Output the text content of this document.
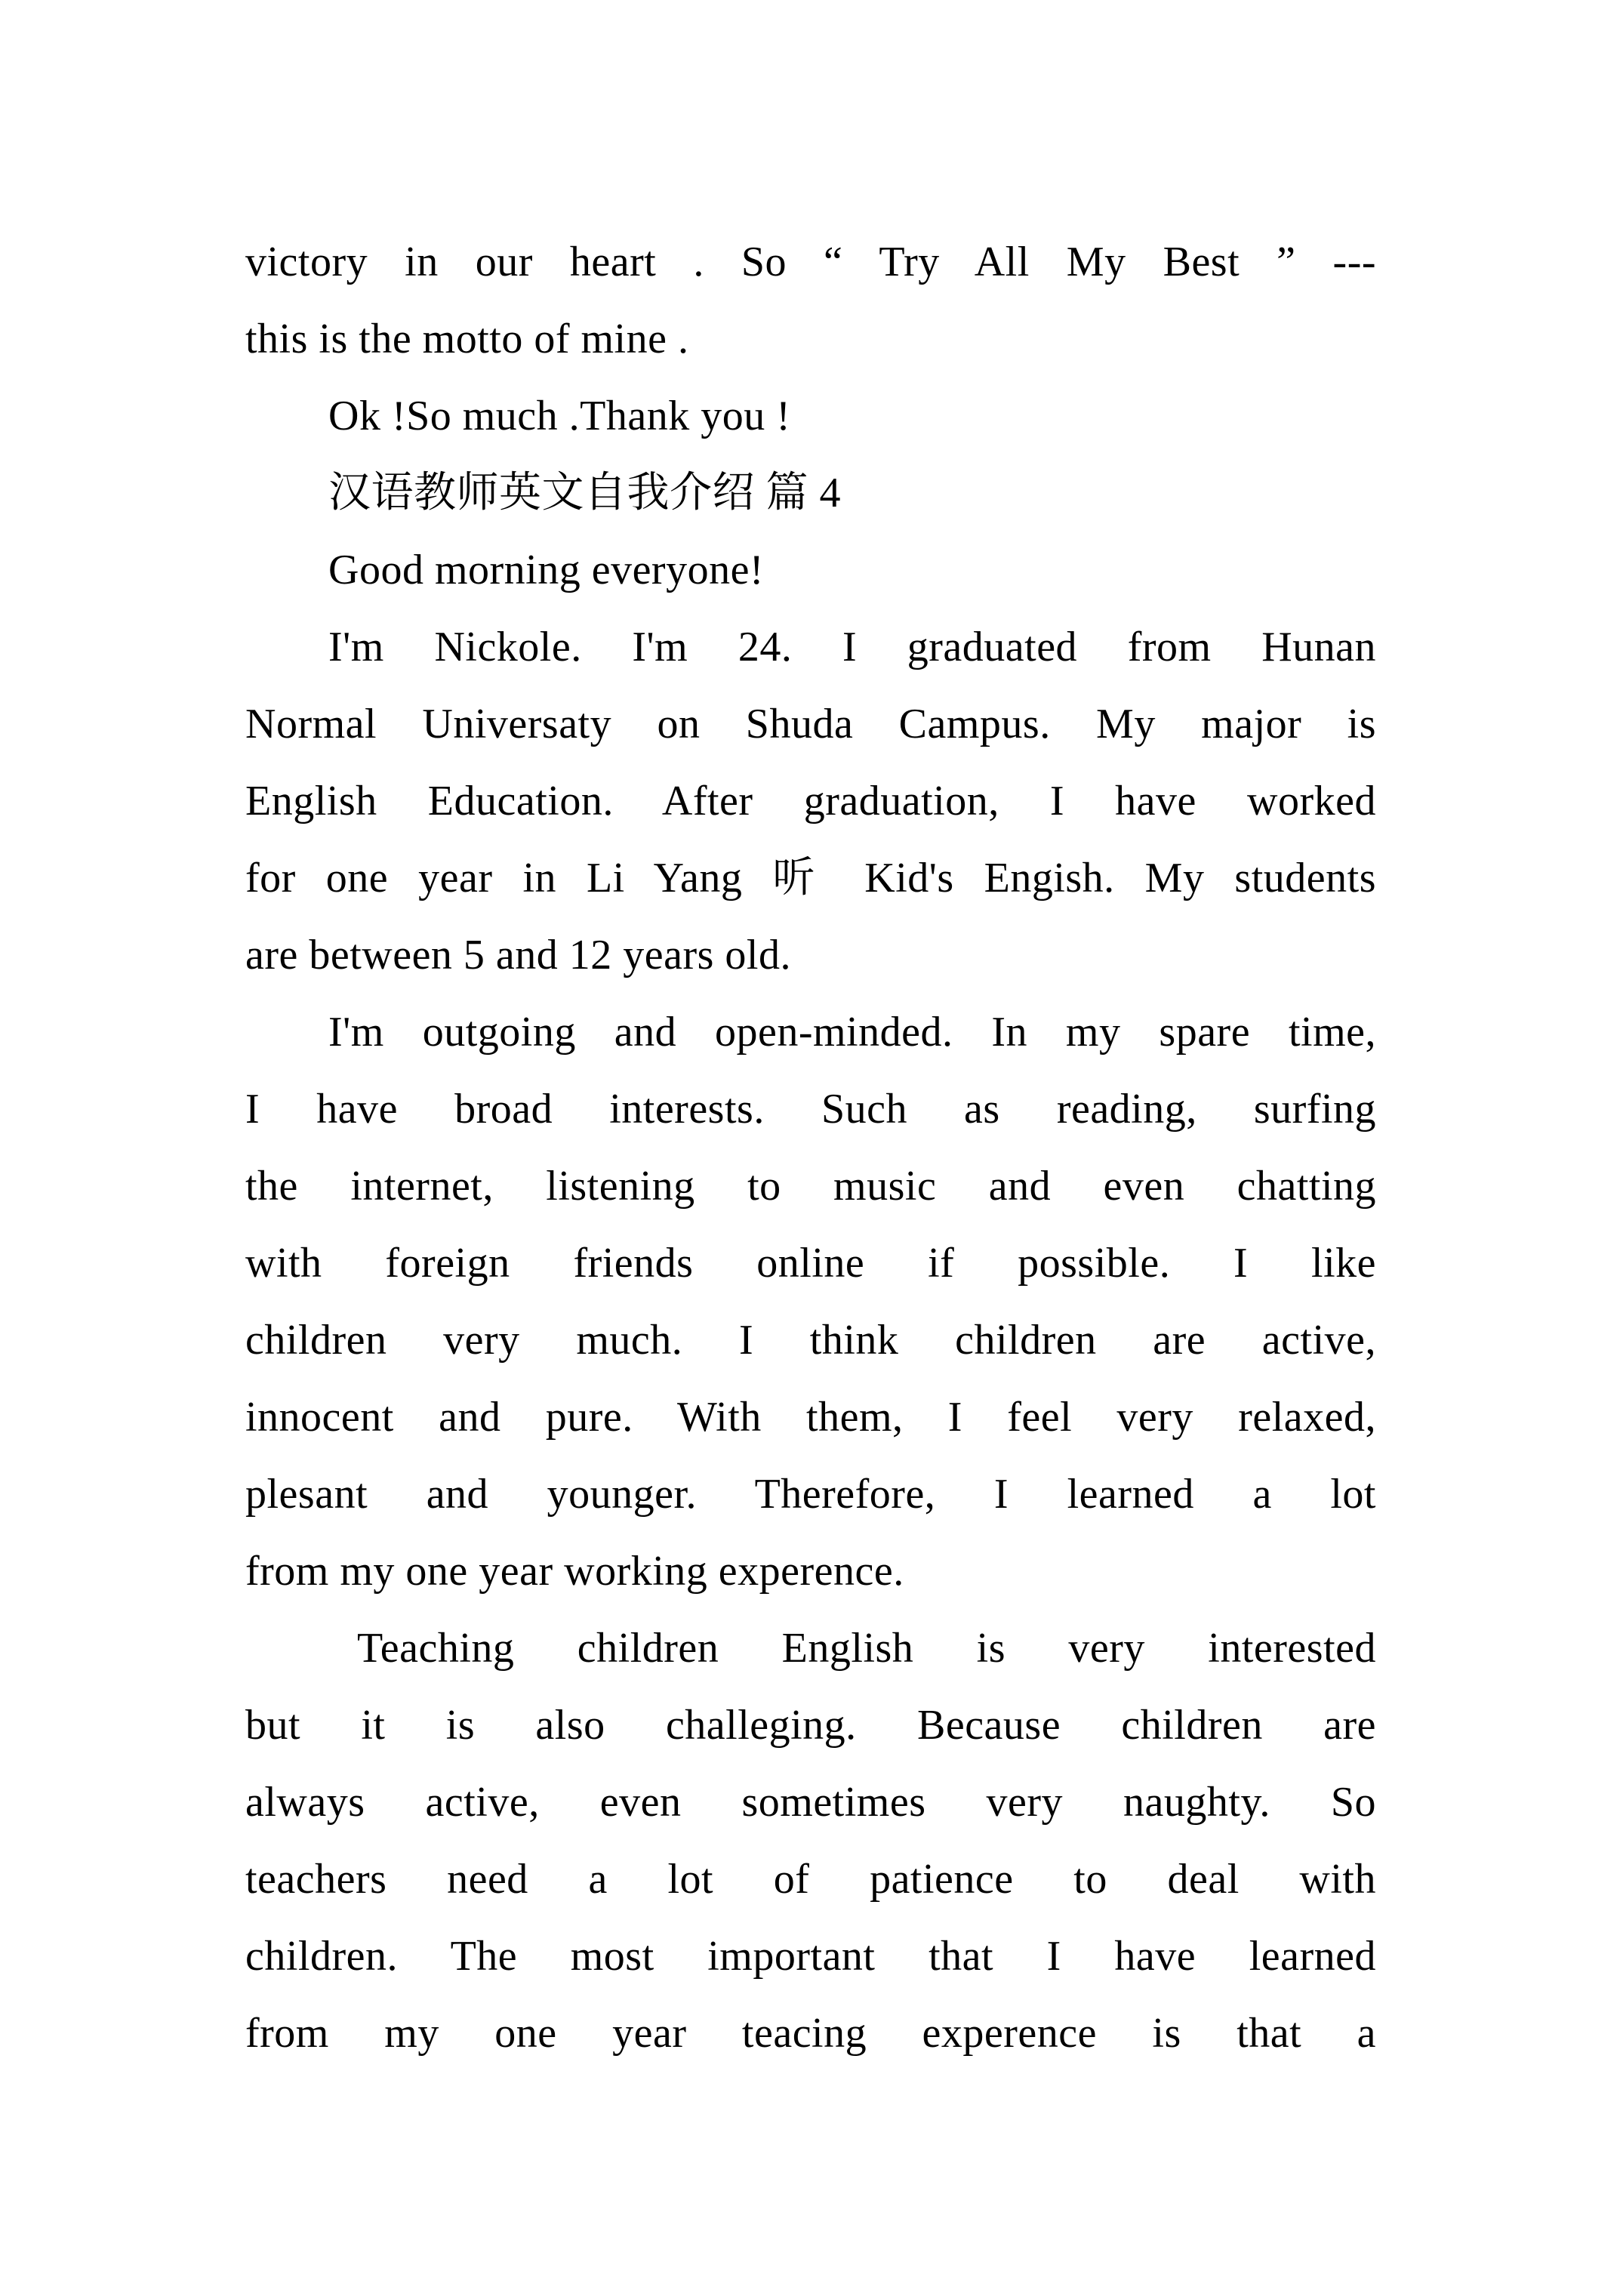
victory in our heart . So “ Try All My Best ” ---
this is the motto of mine .
Ok !So much .Thank you !
汉语教师英文自我介绍 篇 4
Good morning everyone!
I'm Nickole. I'm 24. I graduated from Hunan
Normal Universaty on Shuda Campus. My major is
English Education. After graduation, I have worked
for one year in Li Yang 听 Kid's Engish. My students
are between 5 and 12 years old.
I'm outgoing and open-minded. In my spare time,
I have broad interests. Such as reading, surfing
the internet, listening to music and even chatting
with foreign friends online if possible. I like
children very much. I think children are active,
innocent and pure. With them, I feel very relaxed,
plesant and younger. Therefore, I learned a lot
from my one year working experence.
Teaching children English is very interested
but it is also challeging. Because children are
always active, even sometimes very naughty. So
teachers need a lot of patience to deal with
children. The most important that I have learned
from my one year teacing experence is that a
